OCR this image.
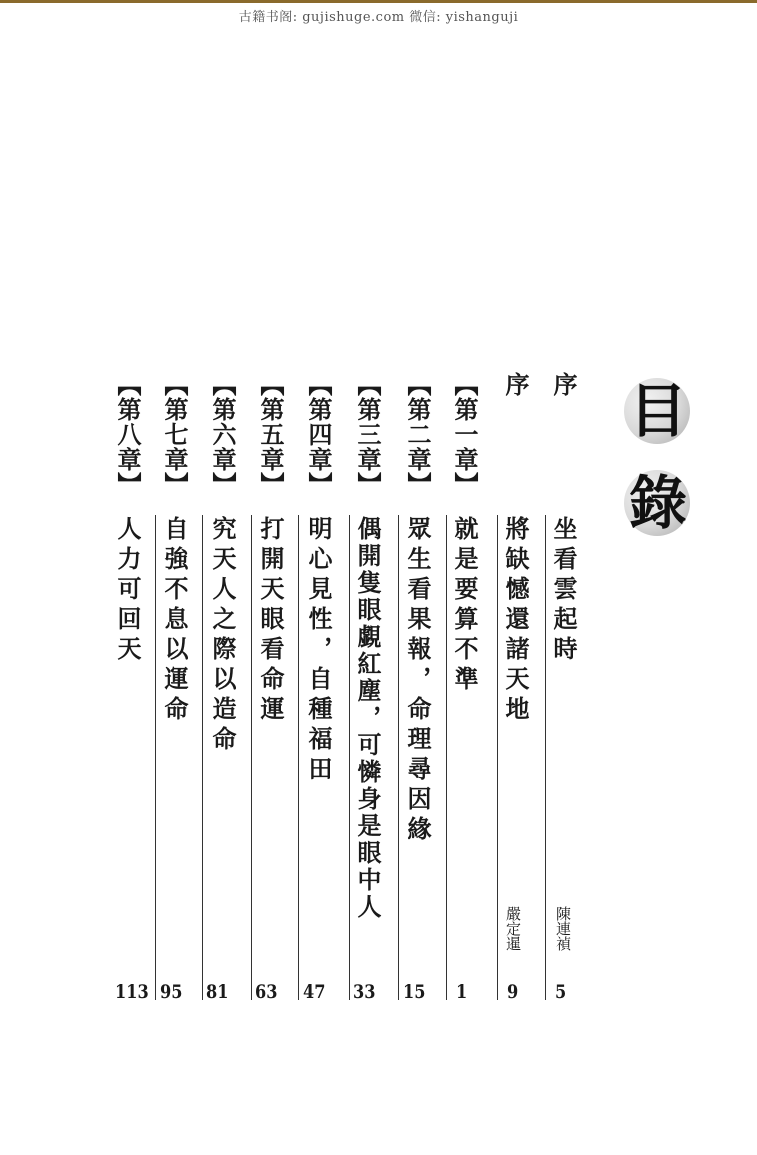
古籍书阁: gujishuge.com 微信: yishanguji
目
錄
序
坐看雲起時
陳連禎
5
序
將缺憾還諸天地
嚴定暹
9
【第一章】
就是要算不準
1
【第二章】
眾生看果報，命理尋因緣
15
【第三章】
偶開隻眼覷紅塵，可憐身是眼中人
33
【第四章】
明心見性，自種福田
47
【第五章】
打開天眼看命運
63
【第六章】
究天人之際以造命
81
【第七章】
自強不息以運命
95
【第八章】
人力可回天
113
